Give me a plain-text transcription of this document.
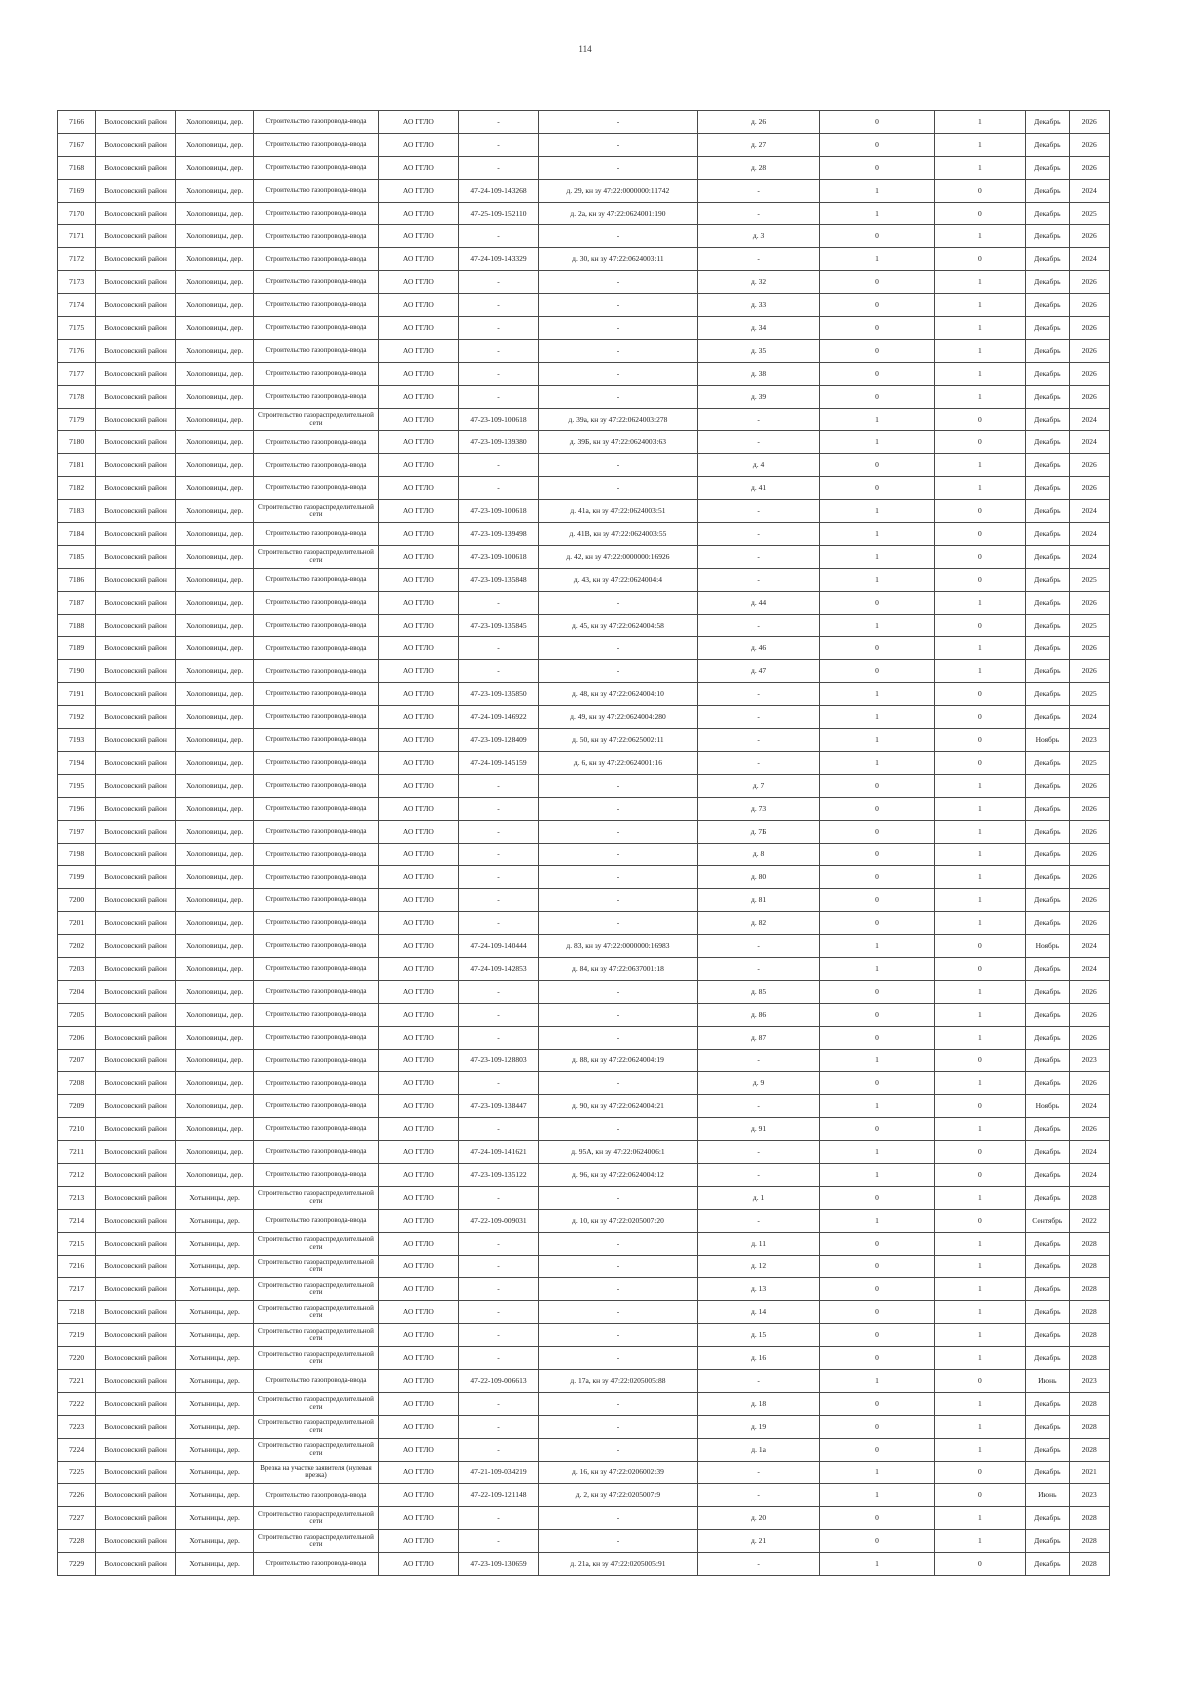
114
7166	Волосовский район	Холоповицы, дер.	Строительство газопровода-ввода	АО ГГЛО	-	-	д. 26	0	1	Декабрь	2026
7167	Волосовский район	Холоповицы, дер.	Строительство газопровода-ввода	АО ГГЛО	-	-	д. 27	0	1	Декабрь	2026
7168	Волосовский район	Холоповицы, дер.	Строительство газопровода-ввода	АО ГГЛО	-	-	д. 28	0	1	Декабрь	2026
7169	Волосовский район	Холоповицы, дер.	Строительство газопровода-ввода	АО ГГЛО	47-24-109-143268	д. 29, кн зу 47:22:0000000:11742	-	1	0	Декабрь	2024
7170	Волосовский район	Холоповицы, дер.	Строительство газопровода-ввода	АО ГГЛО	47-25-109-152110	д. 2а, кн зу 47:22:0624001:190	-	1	0	Декабрь	2025
7171	Волосовский район	Холоповицы, дер.	Строительство газопровода-ввода	АО ГГЛО	-	-	д. 3	0	1	Декабрь	2026
7172	Волосовский район	Холоповицы, дер.	Строительство газопровода-ввода	АО ГГЛО	47-24-109-143329	д. 30, кн зу 47:22:0624003:11	-	1	0	Декабрь	2024
7173	Волосовский район	Холоповицы, дер.	Строительство газопровода-ввода	АО ГГЛО	-	-	д. 32	0	1	Декабрь	2026
7174	Волосовский район	Холоповицы, дер.	Строительство газопровода-ввода	АО ГГЛО	-	-	д. 33	0	1	Декабрь	2026
7175	Волосовский район	Холоповицы, дер.	Строительство газопровода-ввода	АО ГГЛО	-	-	д. 34	0	1	Декабрь	2026
7176	Волосовский район	Холоповицы, дер.	Строительство газопровода-ввода	АО ГГЛО	-	-	д. 35	0	1	Декабрь	2026
7177	Волосовский район	Холоповицы, дер.	Строительство газопровода-ввода	АО ГГЛО	-	-	д. 38	0	1	Декабрь	2026
7178	Волосовский район	Холоповицы, дер.	Строительство газопровода-ввода	АО ГГЛО	-	-	д. 39	0	1	Декабрь	2026
7179	Волосовский район	Холоповицы, дер.	Строительство газораспределительной сети	АО ГГЛО	47-23-109-100618	д. 39а, кн зу 47:22:0624003:278	-	1	0	Декабрь	2024
7180	Волосовский район	Холоповицы, дер.	Строительство газопровода-ввода	АО ГГЛО	47-23-109-139380	д. 39Б, кн зу 47:22:0624003:63	-	1	0	Декабрь	2024
7181	Волосовский район	Холоповицы, дер.	Строительство газопровода-ввода	АО ГГЛО	-	-	д. 4	0	1	Декабрь	2026
7182	Волосовский район	Холоповицы, дер.	Строительство газопровода-ввода	АО ГГЛО	-	-	д. 41	0	1	Декабрь	2026
7183	Волосовский район	Холоповицы, дер.	Строительство газораспределительной сети	АО ГГЛО	47-23-109-100618	д. 41а, кн зу 47:22:0624003:51	-	1	0	Декабрь	2024
7184	Волосовский район	Холоповицы, дер.	Строительство газопровода-ввода	АО ГГЛО	47-23-109-139498	д. 41В, кн зу 47:22:0624003:55	-	1	0	Декабрь	2024
7185	Волосовский район	Холоповицы, дер.	Строительство газораспределительной сети	АО ГГЛО	47-23-109-100618	д. 42, кн зу 47:22:0000000:16926	-	1	0	Декабрь	2024
7186	Волосовский район	Холоповицы, дер.	Строительство газопровода-ввода	АО ГГЛО	47-23-109-135848	д. 43, кн зу 47:22:0624004:4	-	1	0	Декабрь	2025
7187	Волосовский район	Холоповицы, дер.	Строительство газопровода-ввода	АО ГГЛО	-	-	д. 44	0	1	Декабрь	2026
7188	Волосовский район	Холоповицы, дер.	Строительство газопровода-ввода	АО ГГЛО	47-23-109-135845	д. 45, кн зу 47:22:0624004:58	-	1	0	Декабрь	2025
7189	Волосовский район	Холоповицы, дер.	Строительство газопровода-ввода	АО ГГЛО	-	-	д. 46	0	1	Декабрь	2026
7190	Волосовский район	Холоповицы, дер.	Строительство газопровода-ввода	АО ГГЛО	-	-	д. 47	0	1	Декабрь	2026
7191	Волосовский район	Холоповицы, дер.	Строительство газопровода-ввода	АО ГГЛО	47-23-109-135850	д. 48, кн зу 47:22:0624004:10	-	1	0	Декабрь	2025
7192	Волосовский район	Холоповицы, дер.	Строительство газопровода-ввода	АО ГГЛО	47-24-109-146922	д. 49, кн зу 47:22:0624004:280	-	1	0	Декабрь	2024
7193	Волосовский район	Холоповицы, дер.	Строительство газопровода-ввода	АО ГГЛО	47-23-109-128409	д. 50, кн зу 47:22:0625002:11	-	1	0	Ноябрь	2023
7194	Волосовский район	Холоповицы, дер.	Строительство газопровода-ввода	АО ГГЛО	47-24-109-145159	д. 6, кн зу 47:22:0624001:16	-	1	0	Декабрь	2025
7195	Волосовский район	Холоповицы, дер.	Строительство газопровода-ввода	АО ГГЛО	-	-	д. 7	0	1	Декабрь	2026
7196	Волосовский район	Холоповицы, дер.	Строительство газопровода-ввода	АО ГГЛО	-	-	д. 73	0	1	Декабрь	2026
7197	Волосовский район	Холоповицы, дер.	Строительство газопровода-ввода	АО ГГЛО	-	-	д. 7Б	0	1	Декабрь	2026
7198	Волосовский район	Холоповицы, дер.	Строительство газопровода-ввода	АО ГГЛО	-	-	д. 8	0	1	Декабрь	2026
7199	Волосовский район	Холоповицы, дер.	Строительство газопровода-ввода	АО ГГЛО	-	-	д. 80	0	1	Декабрь	2026
7200	Волосовский район	Холоповицы, дер.	Строительство газопровода-ввода	АО ГГЛО	-	-	д. 81	0	1	Декабрь	2026
7201	Волосовский район	Холоповицы, дер.	Строительство газопровода-ввода	АО ГГЛО	-	-	д. 82	0	1	Декабрь	2026
7202	Волосовский район	Холоповицы, дер.	Строительство газопровода-ввода	АО ГГЛО	47-24-109-140444	д. 83, кн зу 47:22:0000000:16983	-	1	0	Ноябрь	2024
7203	Волосовский район	Холоповицы, дер.	Строительство газопровода-ввода	АО ГГЛО	47-24-109-142853	д. 84, кн зу 47:22:0637001:18	-	1	0	Декабрь	2024
7204	Волосовский район	Холоповицы, дер.	Строительство газопровода-ввода	АО ГГЛО	-	-	д. 85	0	1	Декабрь	2026
7205	Волосовский район	Холоповицы, дер.	Строительство газопровода-ввода	АО ГГЛО	-	-	д. 86	0	1	Декабрь	2026
7206	Волосовский район	Холоповицы, дер.	Строительство газопровода-ввода	АО ГГЛО	-	-	д. 87	0	1	Декабрь	2026
7207	Волосовский район	Холоповицы, дер.	Строительство газопровода-ввода	АО ГГЛО	47-23-109-128803	д. 88, кн зу 47:22:0624004:19	-	1	0	Декабрь	2023
7208	Волосовский район	Холоповицы, дер.	Строительство газопровода-ввода	АО ГГЛО	-	-	д. 9	0	1	Декабрь	2026
7209	Волосовский район	Холоповицы, дер.	Строительство газопровода-ввода	АО ГГЛО	47-23-109-138447	д. 90, кн зу 47:22:0624004:21	-	1	0	Ноябрь	2024
7210	Волосовский район	Холоповицы, дер.	Строительство газопровода-ввода	АО ГГЛО	-	-	д. 91	0	1	Декабрь	2026
7211	Волосовский район	Холоповицы, дер.	Строительство газопровода-ввода	АО ГГЛО	47-24-109-141621	д. 95А, кн зу 47:22:0624006:1	-	1	0	Декабрь	2024
7212	Волосовский район	Холоповицы, дер.	Строительство газопровода-ввода	АО ГГЛО	47-23-109-135122	д. 96, кн зу 47:22:0624004:12	-	1	0	Декабрь	2024
7213	Волосовский район	Хотыницы, дер.	Строительство газораспределительной сети	АО ГГЛО	-	-	д. 1	0	1	Декабрь	2028
7214	Волосовский район	Хотыницы, дер.	Строительство газопровода-ввода	АО ГГЛО	47-22-109-009031	д. 10, кн зу 47:22:0205007:20	-	1	0	Сентябрь	2022
7215	Волосовский район	Хотыницы, дер.	Строительство газораспределительной сети	АО ГГЛО	-	-	д. 11	0	1	Декабрь	2028
7216	Волосовский район	Хотыницы, дер.	Строительство газораспределительной сети	АО ГГЛО	-	-	д. 12	0	1	Декабрь	2028
7217	Волосовский район	Хотыницы, дер.	Строительство газораспределительной сети	АО ГГЛО	-	-	д. 13	0	1	Декабрь	2028
7218	Волосовский район	Хотыницы, дер.	Строительство газораспределительной сети	АО ГГЛО	-	-	д. 14	0	1	Декабрь	2028
7219	Волосовский район	Хотыницы, дер.	Строительство газораспределительной сети	АО ГГЛО	-	-	д. 15	0	1	Декабрь	2028
7220	Волосовский район	Хотыницы, дер.	Строительство газораспределительной сети	АО ГГЛО	-	-	д. 16	0	1	Декабрь	2028
7221	Волосовский район	Хотыницы, дер.	Строительство газопровода-ввода	АО ГГЛО	47-22-109-006613	д. 17а, кн зу 47:22:0205005:88	-	1	0	Июнь	2023
7222	Волосовский район	Хотыницы, дер.	Строительство газораспределительной сети	АО ГГЛО	-	-	д. 18	0	1	Декабрь	2028
7223	Волосовский район	Хотыницы, дер.	Строительство газораспределительной сети	АО ГГЛО	-	-	д. 19	0	1	Декабрь	2028
7224	Волосовский район	Хотыницы, дер.	Строительство газораспределительной сети	АО ГГЛО	-	-	д. 1а	0	1	Декабрь	2028
7225	Волосовский район	Хотыницы, дер.	Врезка на участке заявителя (нулевая врезка)	АО ГГЛО	47-21-109-034219	д. 16, кн зу 47:22:0206002:39	-	1	0	Декабрь	2021
7226	Волосовский район	Хотыницы, дер.	Строительство газопровода-ввода	АО ГГЛО	47-22-109-121148	д. 2, кн зу 47:22:0205007:9	-	1	0	Июнь	2023
7227	Волосовский район	Хотыницы, дер.	Строительство газораспределительной сети	АО ГГЛО	-	-	д. 20	0	1	Декабрь	2028
7228	Волосовский район	Хотыницы, дер.	Строительство газораспределительной сети	АО ГГЛО	-	-	д. 21	0	1	Декабрь	2028
7229	Волосовский район	Хотыницы, дер.	Строительство газопровода-ввода	АО ГГЛО	47-23-109-130659	д. 21а, кн зу 47:22:0205005:91	-	1	0	Декабрь	2028
